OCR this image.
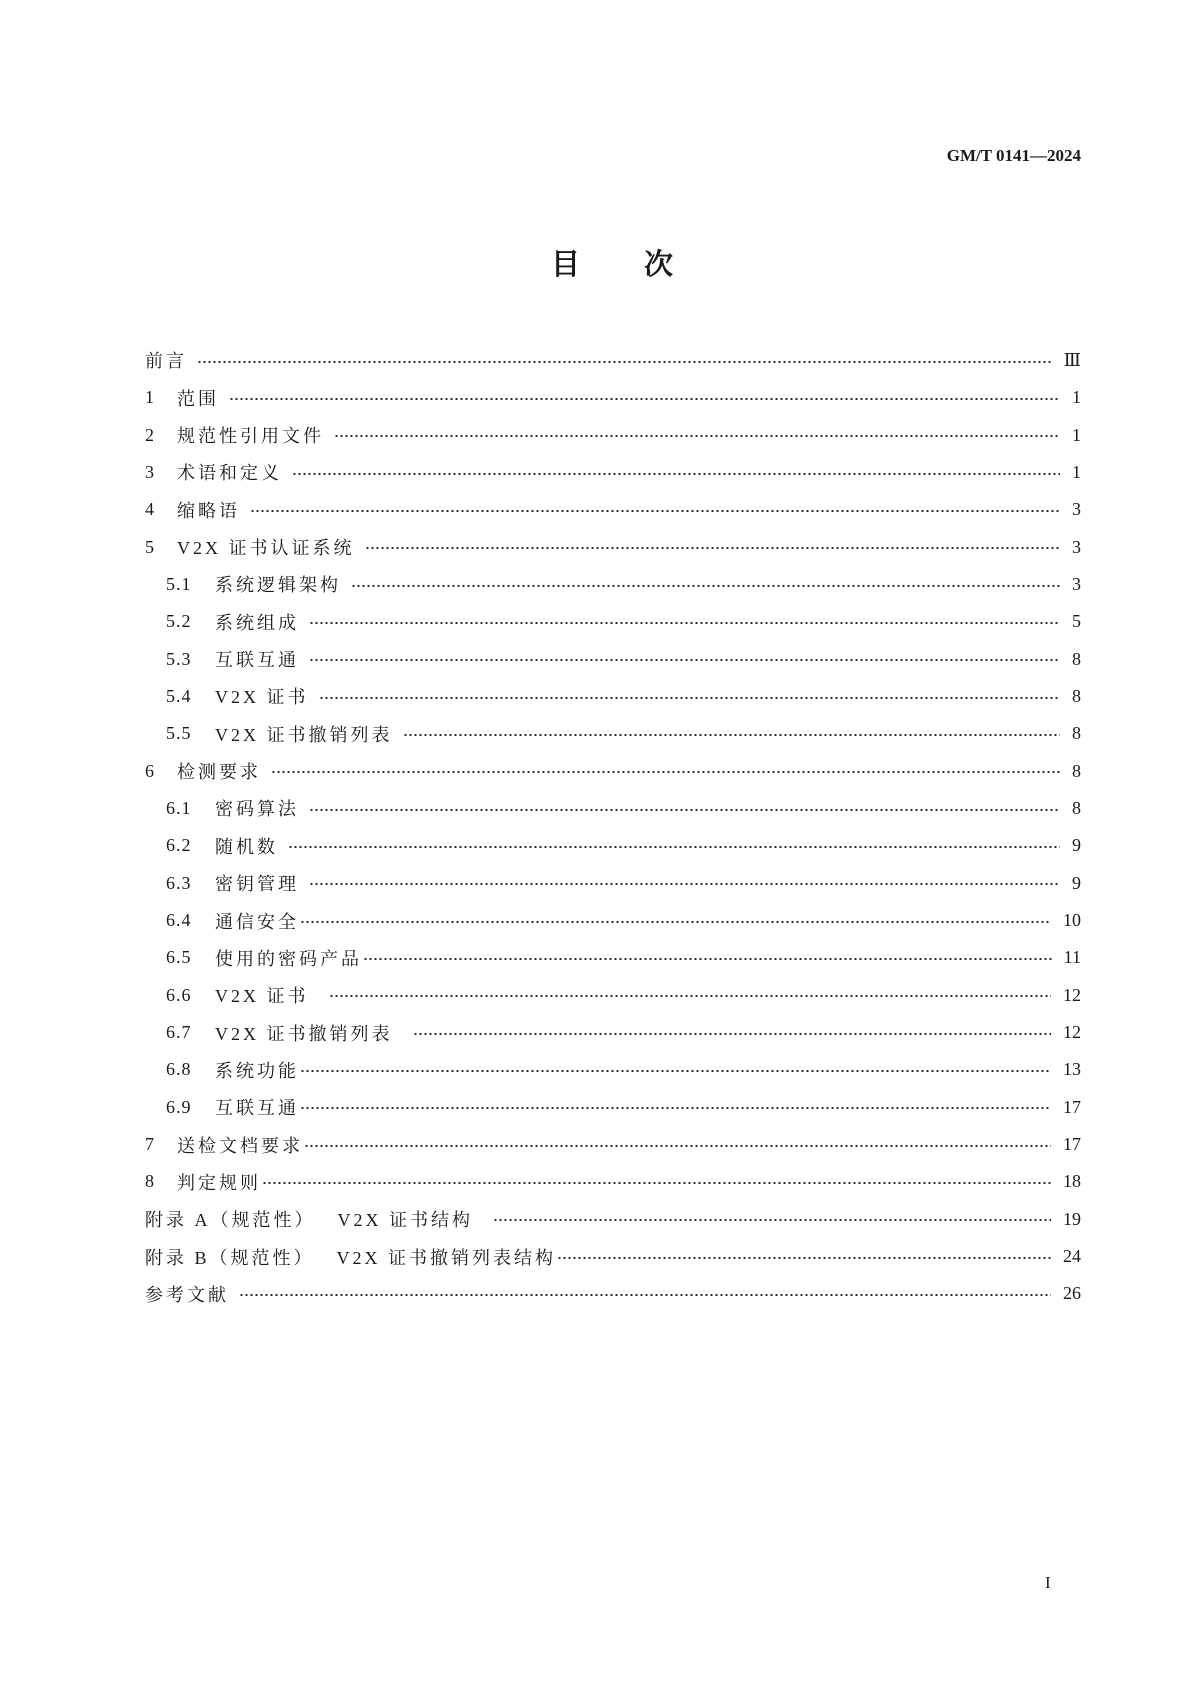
GM/T 0141—2024
目次
前言	Ⅲ
1	范围	1
2	规范性引用文件	1
3	术语和定义	1
4	缩略语	3
5	V2X 证书认证系统	3
5.1	系统逻辑架构	3
5.2	系统组成	5
5.3	互联互通	8
5.4	V2X 证书	8
5.5	V2X 证书撤销列表	8
6	检测要求	8
6.1	密码算法	8
6.2	随机数	9
6.3	密钥管理	9
6.4	通信安全	10
6.5	使用的密码产品	11
6.6	V2X 证书	12
6.7	V2X 证书撤销列表	12
6.8	系统功能	13
6.9	互联互通	17
7	送检文档要求	17
8	判定规则	18
附录 A（规范性） V2X 证书结构	19
附录 B（规范性） V2X 证书撤销列表结构	24
参考文献	26
I
